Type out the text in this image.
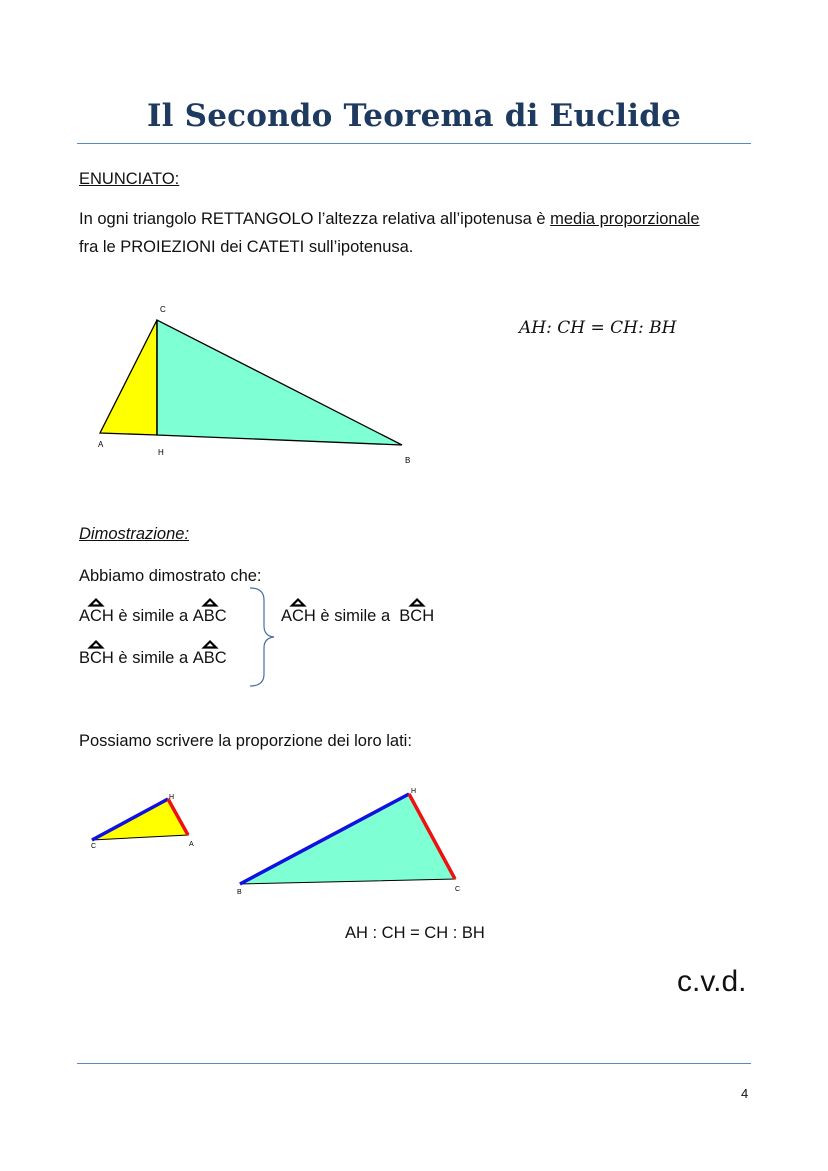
Il Secondo Teorema di Euclide
ENUNCIATO:
In ogni triangolo RETTANGOLO l’altezza relativa all’ipotenusa è media proporzionale
fra le PROIEZIONI dei CATETI sull’ipotenusa.
C
A
H
B
AH: CH = CH: BH
Dimostrazione:
Abbiamo dimostrato che:
ACH è simile a
ABC
BCH è simile a
ABC
ACH è simile a
BCH
Possiamo scrivere la proporzione dei loro lati:
H
C	A
H
B	C
AH : CH = CH : BH
c.v.d.
4
